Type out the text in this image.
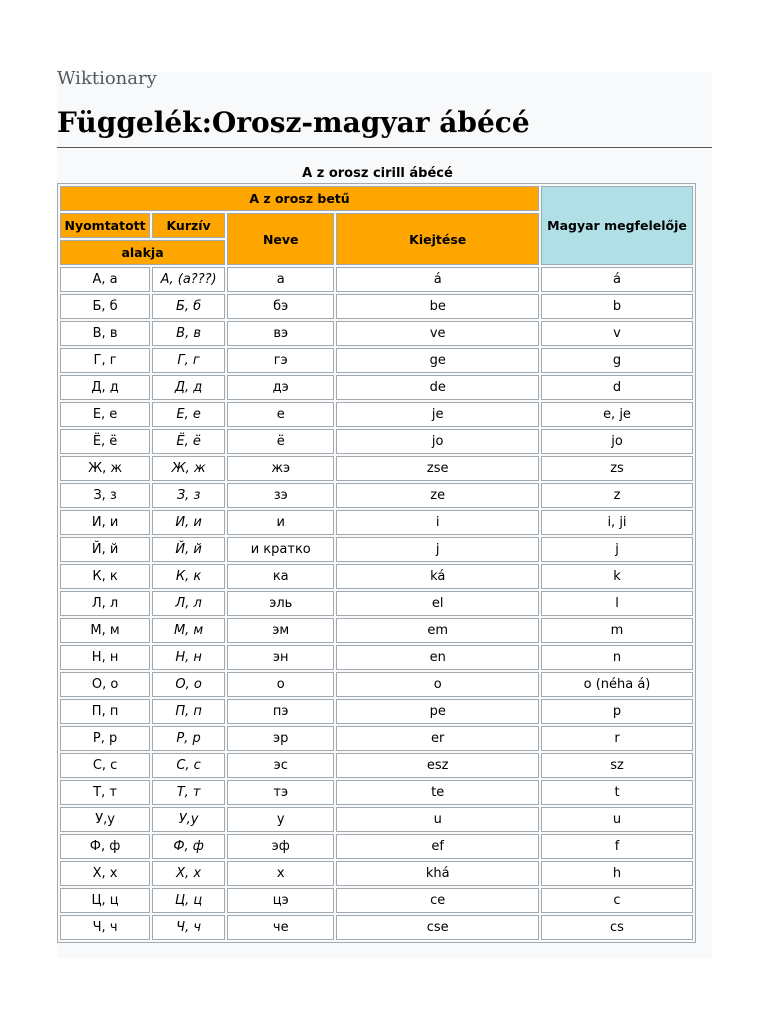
Wiktionary
Függelék:Orosz-magyar ábécé
A z orosz cirill ábécé
A z orosz betű				Magyar megfelelője
Nyomtatott	Kurzív	Neve	Kiejtése	
alakja				
А, а	А, (а???)	а	á	á
Б, б	Б, б	бэ	be	b
В, в	В, в	вэ	ve	v
Г, г	Г, г	гэ	ge	g
Д, д	Д, д	дэ	de	d
Е, е	Е, е	е	je	e, je
Ё, ё	Ё, ё	ё	jo	jo
Ж, ж	Ж, ж	жэ	zse	zs
З, з	З, з	зэ	ze	z
И, и	И, и	и	i	i, ji
Й, й	Й, й	и кратко	j	j
К, к	К, к	ка	ká	k
Л, л	Л, л	эль	el	l
М, м	М, м	эм	em	m
Н, н	Н, н	эн	en	n
О, о	О, о	о	o	o (néha á)
П, п	П, п	пэ	pe	p
Р, р	Р, р	эр	er	r
С, с	С, с	эс	esz	sz
Т, т	Т, т	тэ	te	t
У,у	У,у	у	u	u
Ф, ф	Ф, ф	эф	ef	f
Х, х	Х, х	х	khá	h
Ц, ц	Ц, ц	цэ	ce	c
Ч, ч	Ч, ч	че	cse	cs
